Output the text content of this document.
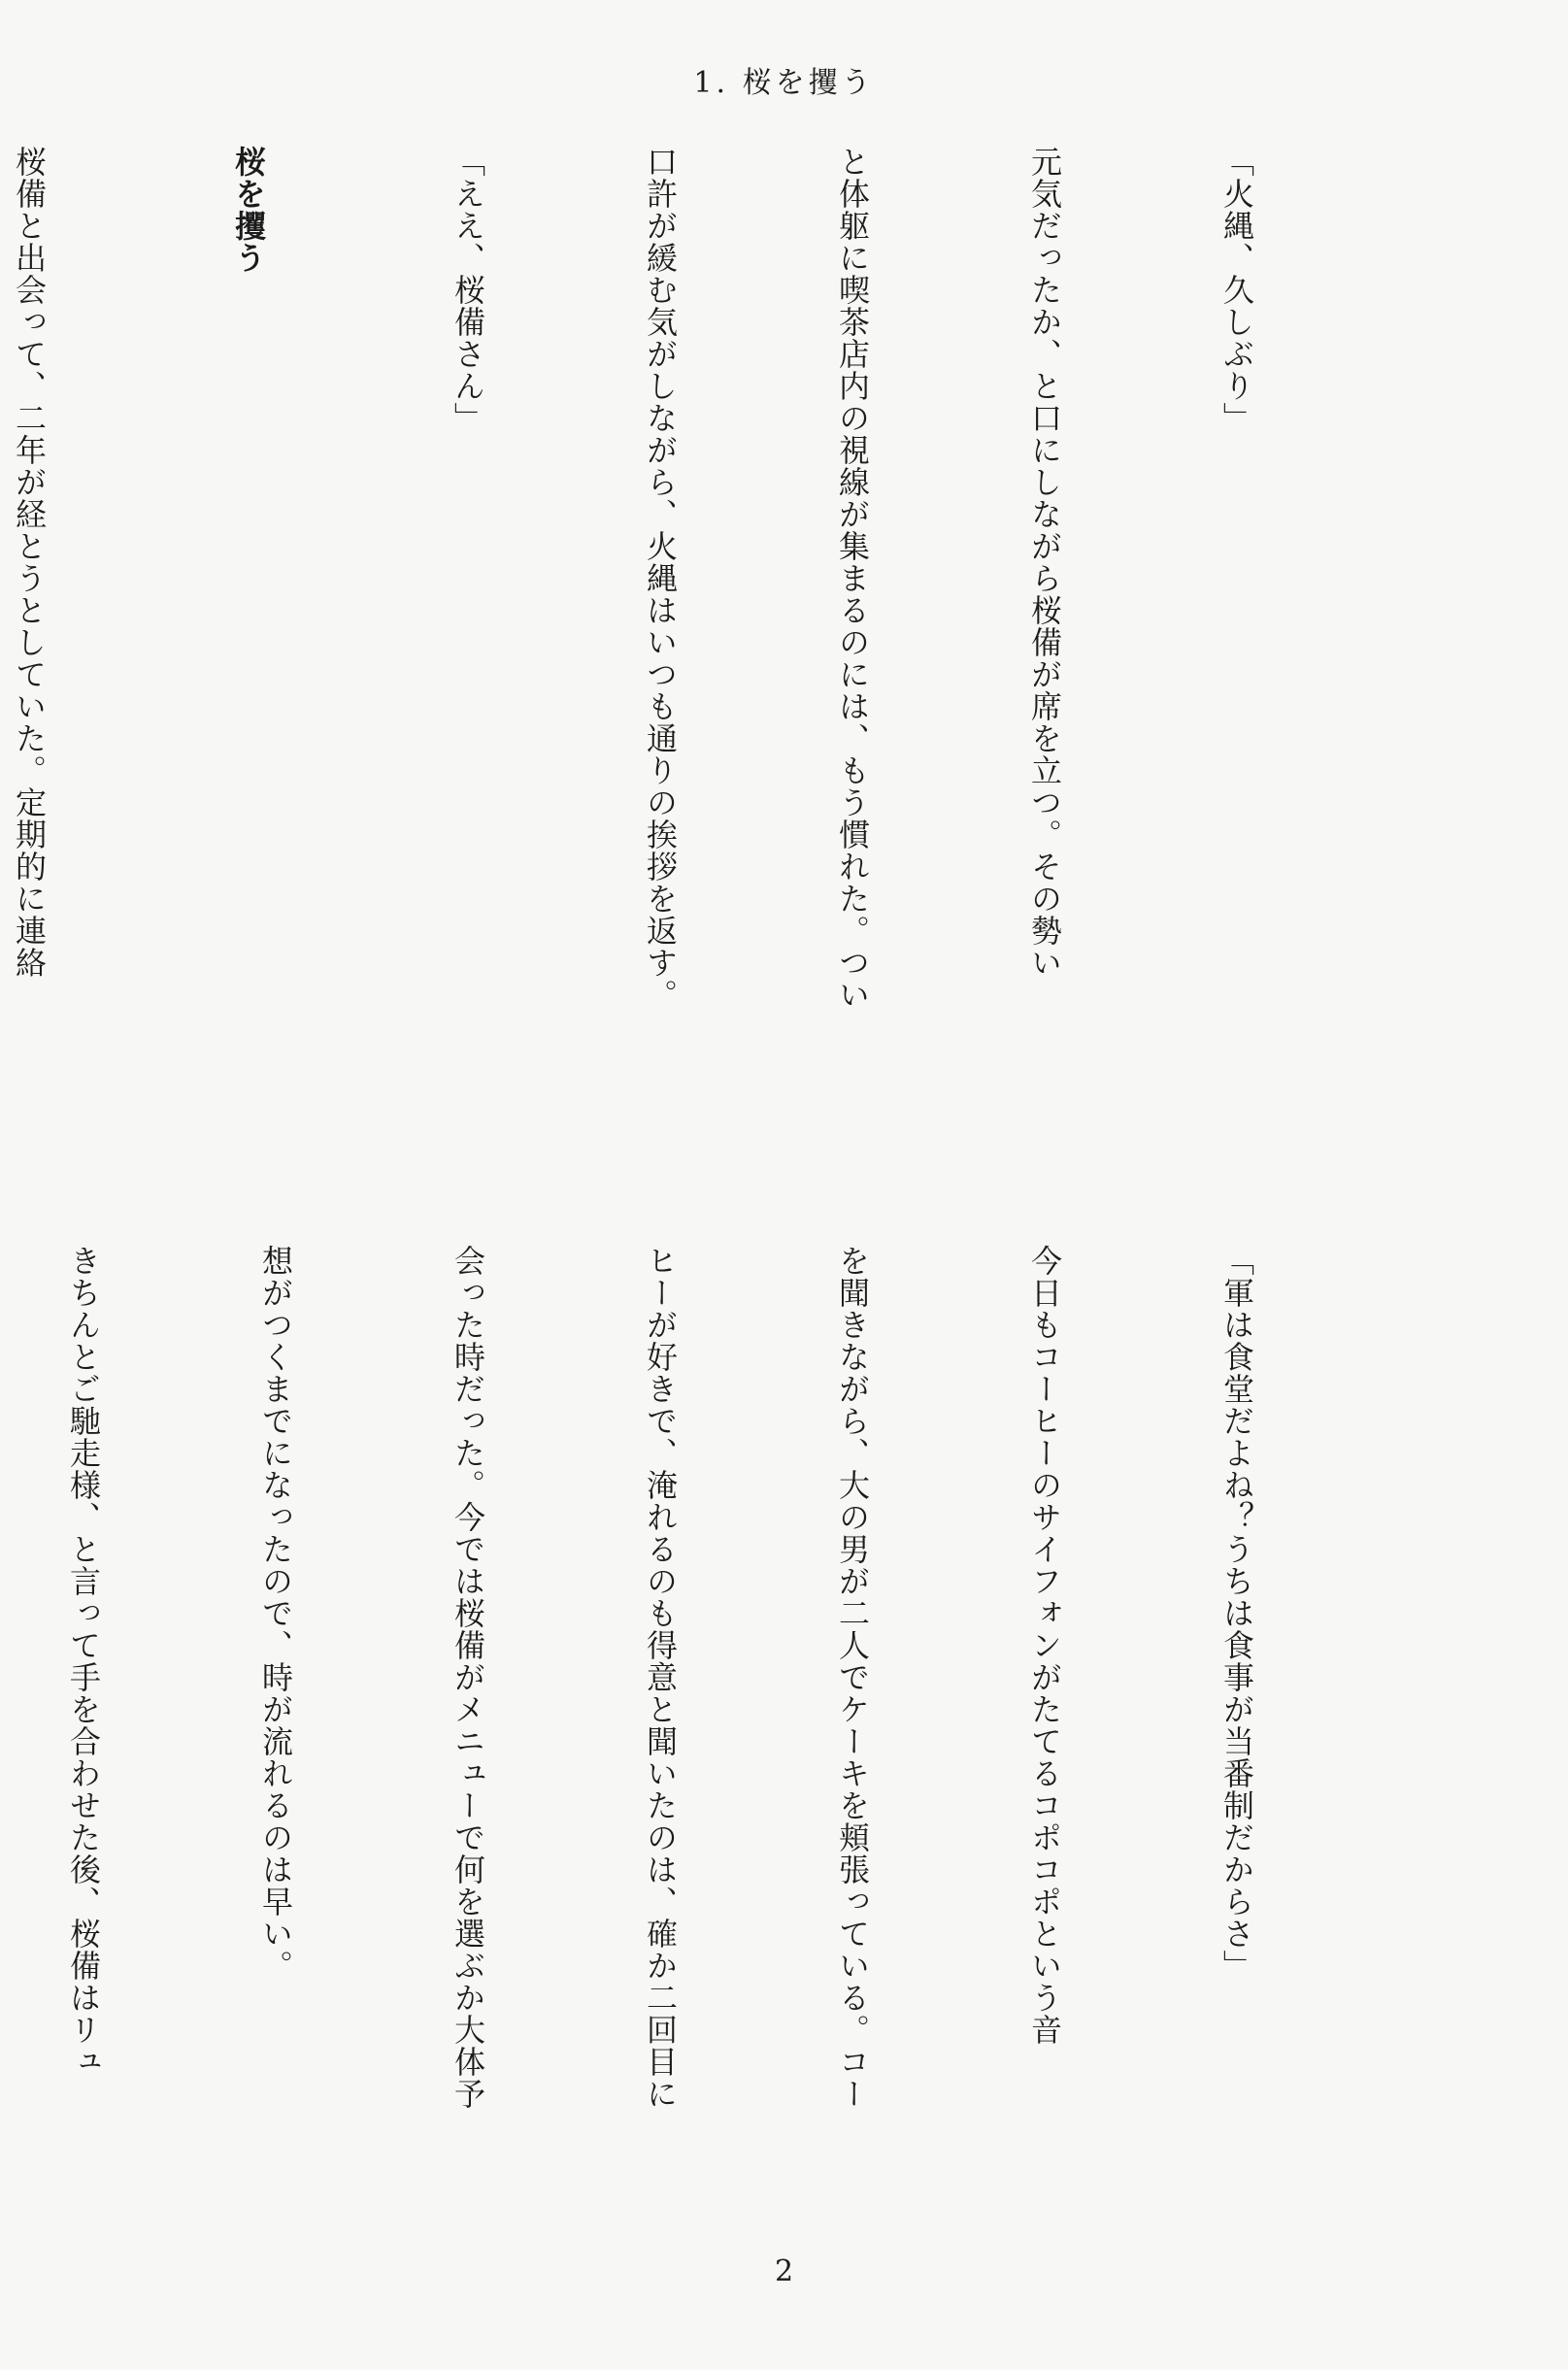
1. 桜を攫う

「火縄、久しぶり」

元気だったか、と口にしながら桜備が席を立つ。その勢い

と体躯に喫茶店内の視線が集まるのには、もう慣れた。つい

口許が緩む気がしながら、火縄はいつも通りの挨拶を返す。

「ええ、桜備さん」

桜を攫う

桜備と出会って、二年が経とうとしていた。定期的に連絡

「軍は食堂だよね？うちは食事が当番制だからさ」

今日もコーヒーのサイフォンがたてるコポコポという音

を聞きながら、大の男が二人でケーキを頬張っている。コー

ヒーが好きで、淹れるのも得意と聞いたのは、確か二回目に

会った時だった。今では桜備がメニューで何を選ぶか大体予

想がつくまでになったので、時が流れるのは早い。

きちんとご馳走様、と言って手を合わせた後、桜備はリュ

2
